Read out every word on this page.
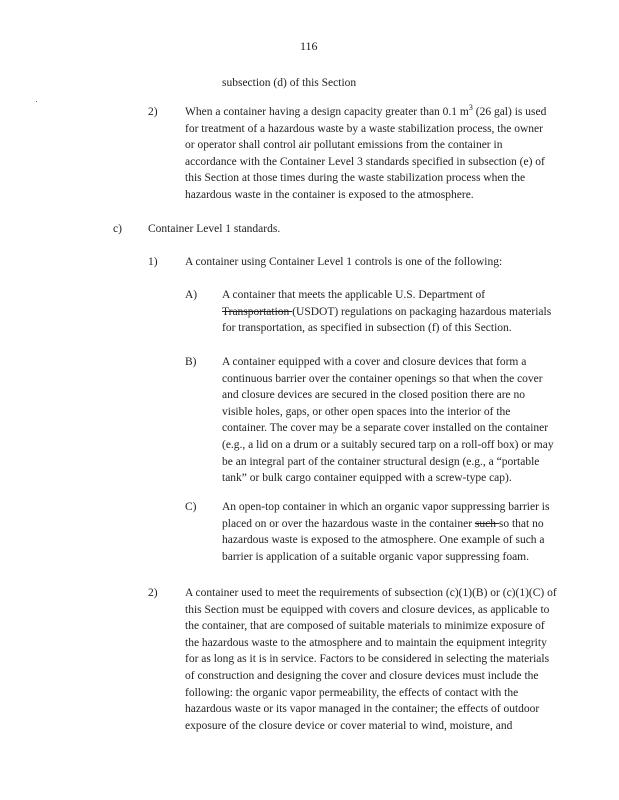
116
subsection (d) of this Section
2) When a container having a design capacity greater than 0.1 $m^3$ (26 gal) is used for treatment of a hazardous waste by a waste stabilization process, the owner or operator shall control air pollutant emissions from the container in accordance with the Container Level 3 standards specified in subsection (e) of this Section at those times during the waste stabilization process when the hazardous waste in the container is exposed to the atmosphere.
c) Container Level 1 standards.
1) A container using Container Level 1 controls is one of the following:
A) A container that meets the applicable U.S. Department of Transportation (USDOT) regulations on packaging hazardous materials for transportation, as specified in subsection (f) of this Section.
B) A container equipped with a cover and closure devices that form a continuous barrier over the container openings so that when the cover and closure devices are secured in the closed position there are no visible holes, gaps, or other open spaces into the interior of the container. The cover may be a separate cover installed on the container (e.g., a lid on a drum or a suitably secured tarp on a roll-off box) or may be an integral part of the container structural design (e.g., a “portable tank” or bulk cargo container equipped with a screw-type cap).
C) An open-top container in which an organic vapor suppressing barrier is placed on or over the hazardous waste in the container such so that no hazardous waste is exposed to the atmosphere. One example of such a barrier is application of a suitable organic vapor suppressing foam.
2) A container used to meet the requirements of subsection (c)(1)(B) or (c)(1)(C) of this Section must be equipped with covers and closure devices, as applicable to the container, that are composed of suitable materials to minimize exposure of the hazardous waste to the atmosphere and to maintain the equipment integrity for as long as it is in service. Factors to be considered in selecting the materials of construction and designing the cover and closure devices must include the following: the organic vapor permeability, the effects of contact with the hazardous waste or its vapor managed in the container; the effects of outdoor exposure of the closure device or cover material to wind, moisture, and
